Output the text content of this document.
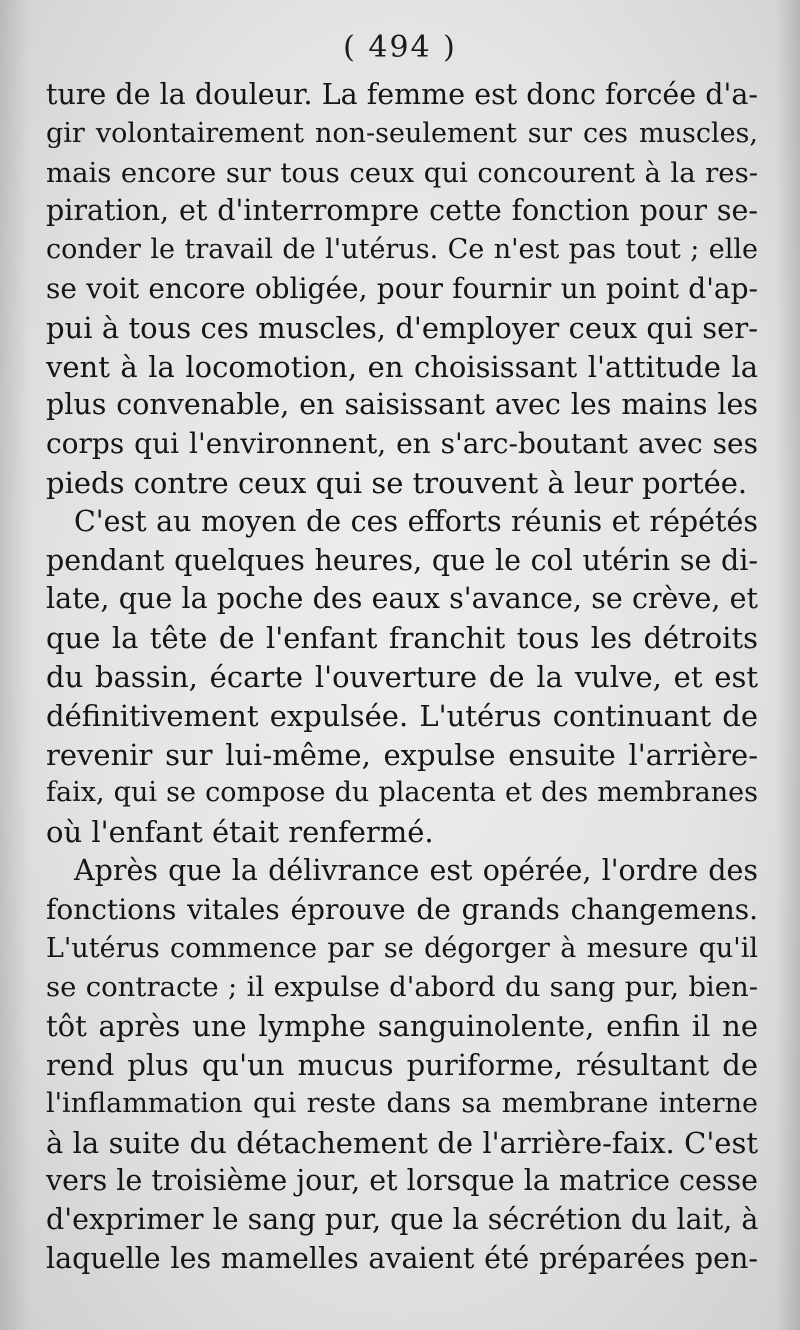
( 494 )
ture de la douleur. La femme est donc forcée d'a-
gir volontairement non-seulement sur ces muscles,
mais encore sur tous ceux qui concourent à la res-
piration, et d'interrompre cette fonction pour se-
conder le travail de l'utérus. Ce n'est pas tout ; elle
se voit encore obligée, pour fournir un point d'ap-
pui à tous ces muscles, d'employer ceux qui ser-
vent à la locomotion, en choisissant l'attitude la
plus convenable, en saisissant avec les mains les
corps qui l'environnent, en s'arc-boutant avec ses
pieds contre ceux qui se trouvent à leur portée.
C'est au moyen de ces efforts réunis et répétés
pendant quelques heures, que le col utérin se di-
late, que la poche des eaux s'avance, se crève, et
que la tête de l'enfant franchit tous les détroits
du bassin, écarte l'ouverture de la vulve, et est
définitivement expulsée. L'utérus continuant de
revenir sur lui-même, expulse ensuite l'arrière-
faix, qui se compose du placenta et des membranes
où l'enfant était renfermé.
Après que la délivrance est opérée, l'ordre des
fonctions vitales éprouve de grands changemens.
L'utérus commence par se dégorger à mesure qu'il
se contracte ; il expulse d'abord du sang pur, bien-
tôt après une lymphe sanguinolente, enfin il ne
rend plus qu'un mucus puriforme, résultant de
l'inflammation qui reste dans sa membrane interne
à la suite du détachement de l'arrière-faix. C'est
vers le troisième jour, et lorsque la matrice cesse
d'exprimer le sang pur, que la sécrétion du lait, à
laquelle les mamelles avaient été préparées pen-
